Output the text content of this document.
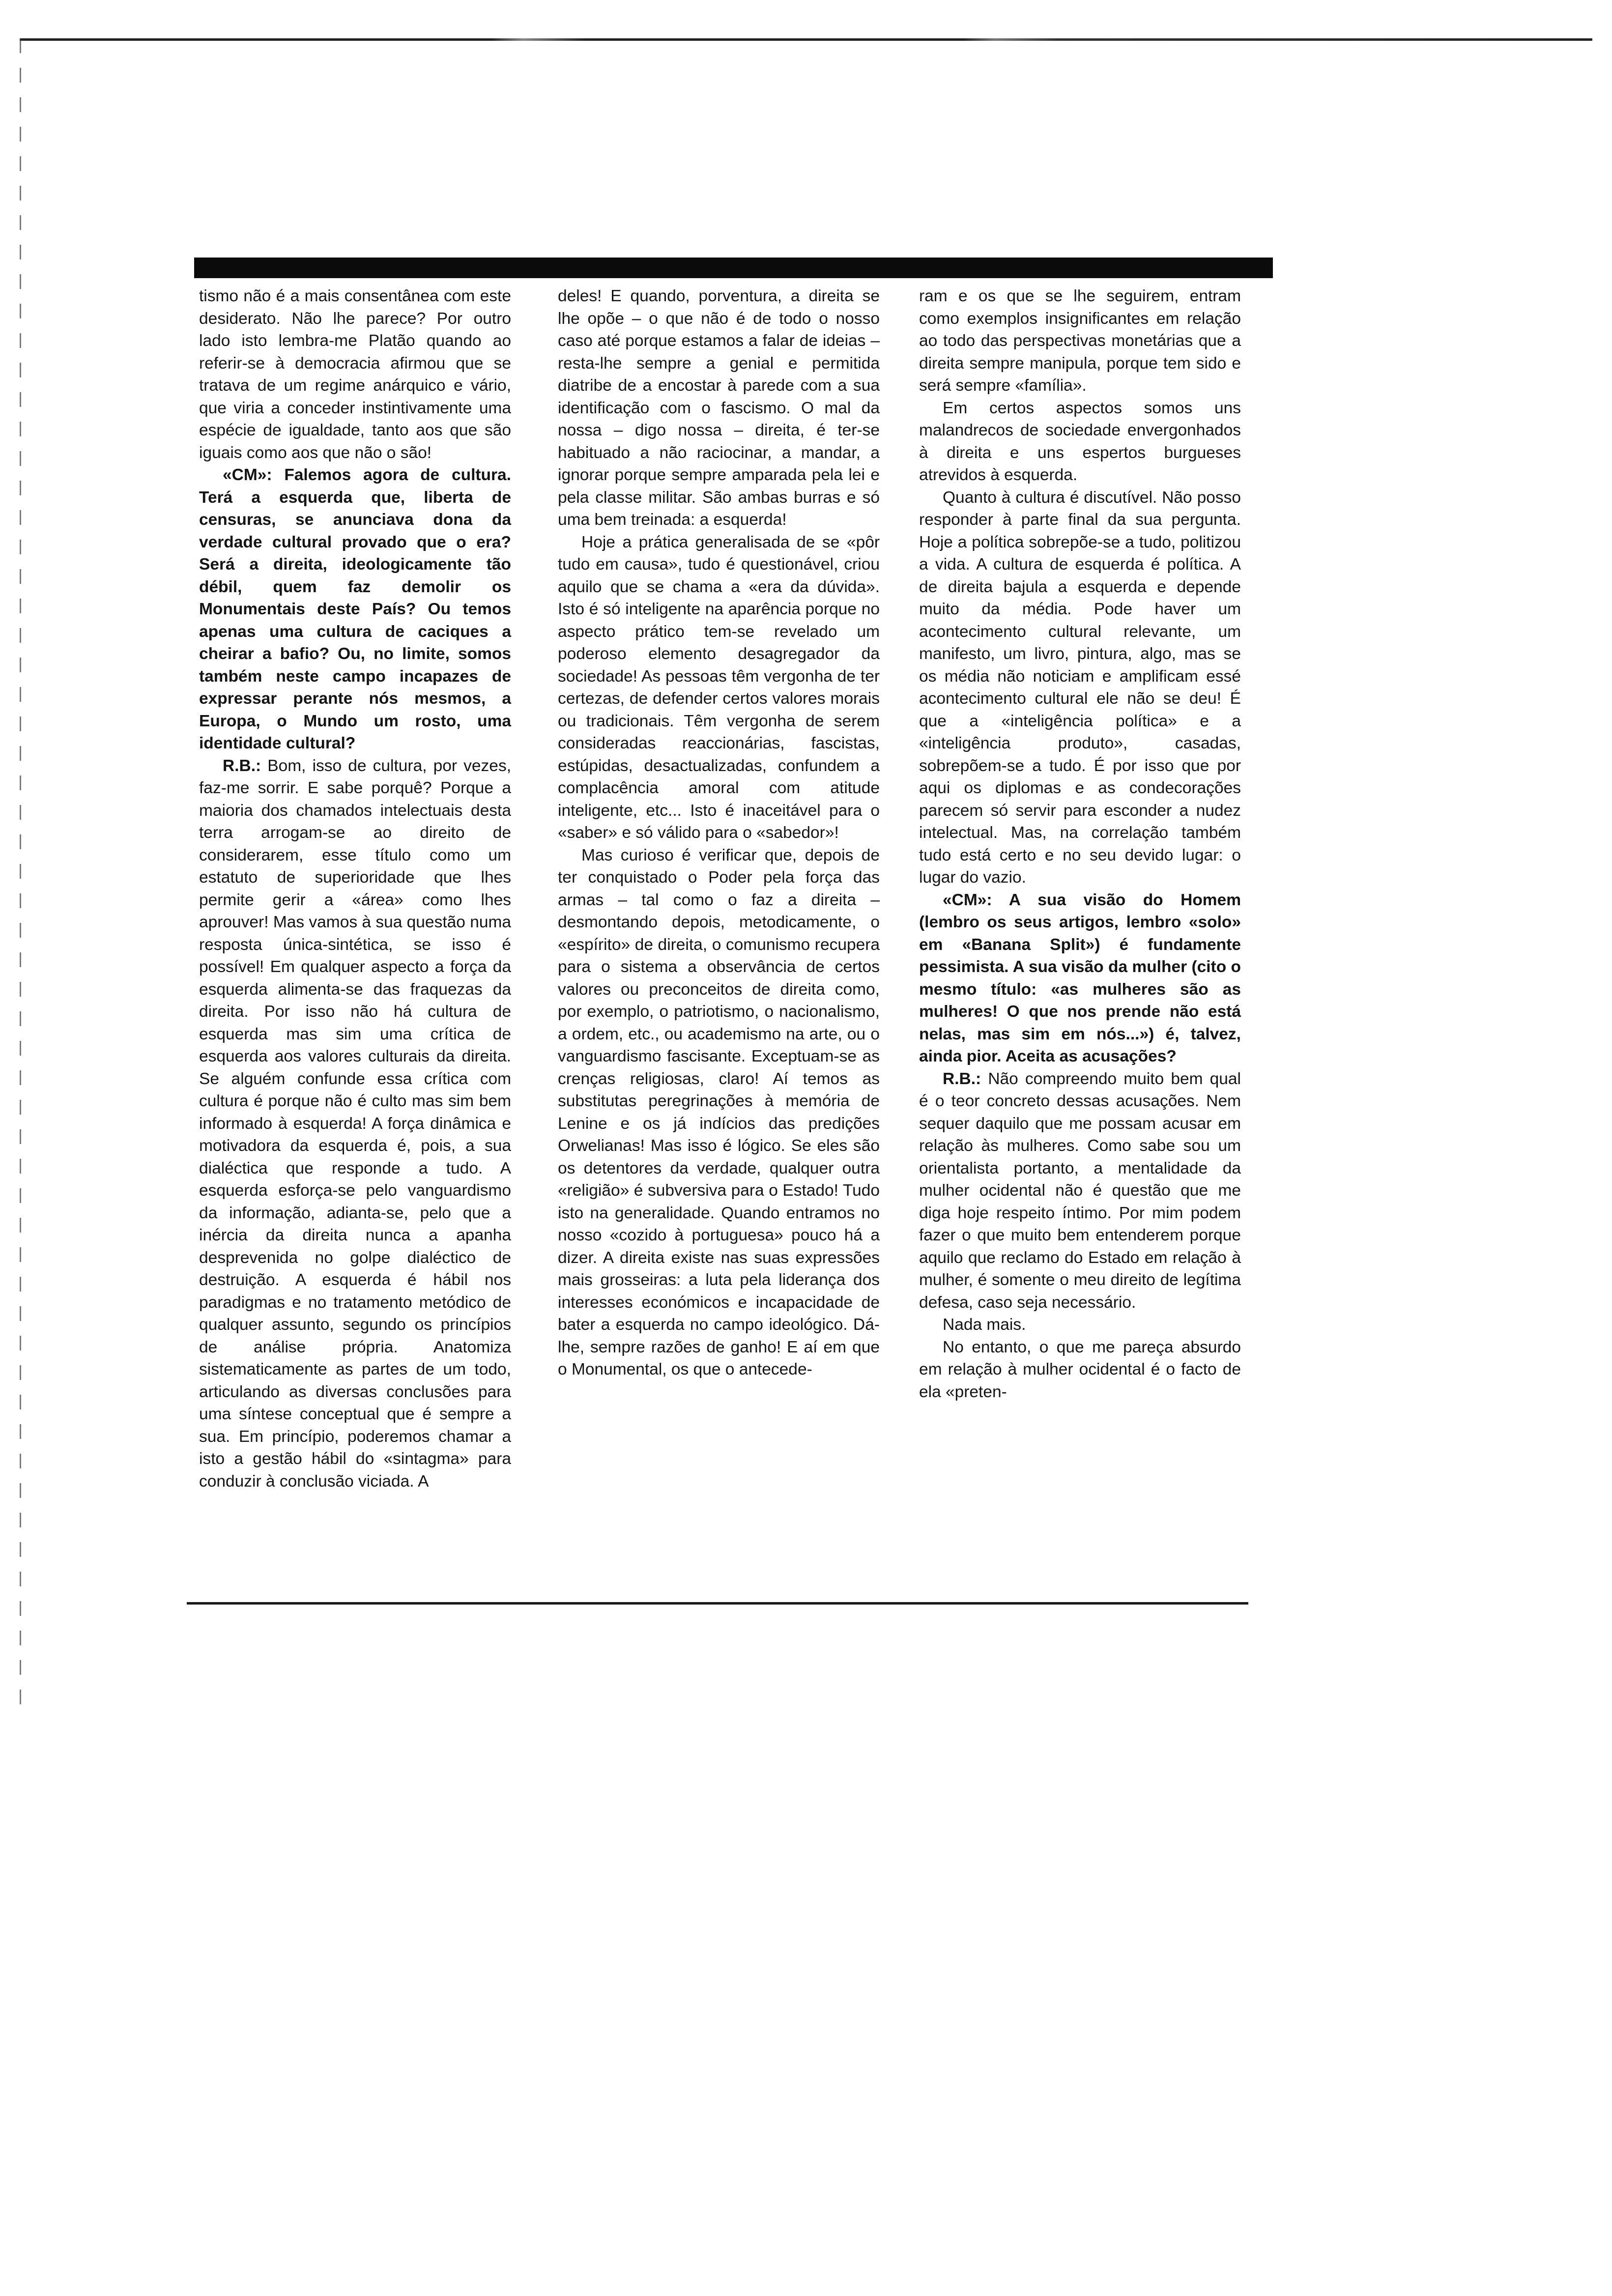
tismo não é a mais consentânea com este desiderato. Não lhe parece? Por outro lado isto lembra-me Platão quando ao referir-se à democracia afirmou que se tratava de um regime anárquico e vário, que viria a conceder instintivamente uma espécie de igualdade, tanto aos que são iguais como aos que não o são!

«CM»: Falemos agora de cultura. Terá a esquerda que, liberta de censuras, se anunciava dona da verdade cultural provado que o era? Será a direita, ideologicamente tão débil, quem faz demolir os Monumentais deste País? Ou temos apenas uma cultura de caciques a cheirar a bafio? Ou, no limite, somos também neste campo incapazes de expressar perante nós mesmos, a Europa, o Mundo um rosto, uma identidade cultural?

R.B.: Bom, isso de cultura, por vezes, faz-me sorrir. E sabe porquê? Porque a maioria dos chamados intelectuais desta terra arrogam-se ao direito de considerarem, esse título como um estatuto de superioridade que lhes permite gerir a «área» como lhes aprouver! Mas vamos à sua questão numa resposta única-sintética, se isso é possível! Em qualquer aspecto a força da esquerda alimenta-se das fraquezas da direita. Por isso não há cultura de esquerda mas sim uma crítica de esquerda aos valores culturais da direita. Se alguém confunde essa crítica com cultura é porque não é culto mas sim bem informado à esquerda! A força dinâmica e motivadora da esquerda é, pois, a sua dialéctica que responde a tudo. A esquerda esforça-se pelo vanguardismo da informação, adianta-se, pelo que a inércia da direita nunca a apanha desprevenida no golpe dialéctico de destruição. A esquerda é hábil nos paradigmas e no tratamento metódico de qualquer assunto, segundo os princípios de análise própria. Anatomiza sistematicamente as partes de um todo, articulando as diversas conclusões para uma síntese conceptual que é sempre a sua. Em princípio, poderemos chamar a isto a gestão hábil do «sintagma» para conduzir à conclusão viciada. A

deles! E quando, porventura, a direita se lhe opõe – o que não é de todo o nosso caso até porque estamos a falar de ideias – resta-lhe sempre a genial e permitida diatribe de a encostar à parede com a sua identificação com o fascismo. O mal da nossa – digo nossa – direita, é ter-se habituado a não raciocinar, a mandar, a ignorar porque sempre amparada pela lei e pela classe militar. São ambas burras e só uma bem treinada: a esquerda!

Hoje a prática generalisada de se «pôr tudo em causa», tudo é questionável, criou aquilo que se chama a «era da dúvida». Isto é só inteligente na aparência porque no aspecto prático tem-se revelado um poderoso elemento desagregador da sociedade! As pessoas têm vergonha de ter certezas, de defender certos valores morais ou tradicionais. Têm vergonha de serem consideradas reaccionárias, fascistas, estúpidas, desactualizadas, confundem a complacência amoral com atitude inteligente, etc... Isto é inaceitável para o «saber» e só válido para o «sabedor»!

Mas curioso é verificar que, depois de ter conquistado o Poder pela força das armas – tal como o faz a direita – desmontando depois, metodicamente, o «espírito» de direita, o comunismo recupera para o sistema a observância de certos valores ou preconceitos de direita como, por exemplo, o patriotismo, o nacionalismo, a ordem, etc., ou academismo na arte, ou o vanguardismo fascisante. Exceptuam-se as crenças religiosas, claro! Aí temos as substitutas peregrinações à memória de Lenine e os já indícios das predições Orwelianas! Mas isso é lógico. Se eles são os detentores da verdade, qualquer outra «religião» é subversiva para o Estado! Tudo isto na generalidade. Quando entramos no nosso «cozido à portuguesa» pouco há a dizer. A direita existe nas suas expressões mais grosseiras: a luta pela liderança dos interesses económicos e incapacidade de bater a esquerda no campo ideológico. Dá-lhe, sempre razões de ganho! E aí em que o Monumental, os que o antecede-

ram e os que se lhe seguirem, entram como exemplos insignificantes em relação ao todo das perspectivas monetárias que a direita sempre manipula, porque tem sido e será sempre «família».

Em certos aspectos somos uns malandrecos de sociedade envergonhados à direita e uns espertos burgueses atrevidos à esquerda.

Quanto à cultura é discutível. Não posso responder à parte final da sua pergunta. Hoje a política sobrepõe-se a tudo, politizou a vida. A cultura de esquerda é política. A de direita bajula a esquerda e depende muito da média. Pode haver um acontecimento cultural relevante, um manifesto, um livro, pintura, algo, mas se os média não noticiam e amplificam essé acontecimento cultural ele não se deu! É que a «inteligência política» e a «inteligência produto», casadas, sobrepõem-se a tudo. É por isso que por aqui os diplomas e as condecorações parecem só servir para esconder a nudez intelectual. Mas, na correlação também tudo está certo e no seu devido lugar: o lugar do vazio.

«CM»: A sua visão do Homem (lembro os seus artigos, lembro «solo» em «Banana Split») é fundamente pessimista. A sua visão da mulher (cito o mesmo título: «as mulheres são as mulheres! O que nos prende não está nelas, mas sim em nós...») é, talvez, ainda pior. Aceita as acusações?

R.B.: Não compreendo muito bem qual é o teor concreto dessas acusações. Nem sequer daquilo que me possam acusar em relação às mulheres. Como sabe sou um orientalista portanto, a mentalidade da mulher ocidental não é questão que me diga hoje respeito íntimo. Por mim podem fazer o que muito bem entenderem porque aquilo que reclamo do Estado em relação à mulher, é somente o meu direito de legítima defesa, caso seja necessário.

Nada mais.

No entanto, o que me pareça absurdo em relação à mulher ocidental é o facto de ela «preten-
